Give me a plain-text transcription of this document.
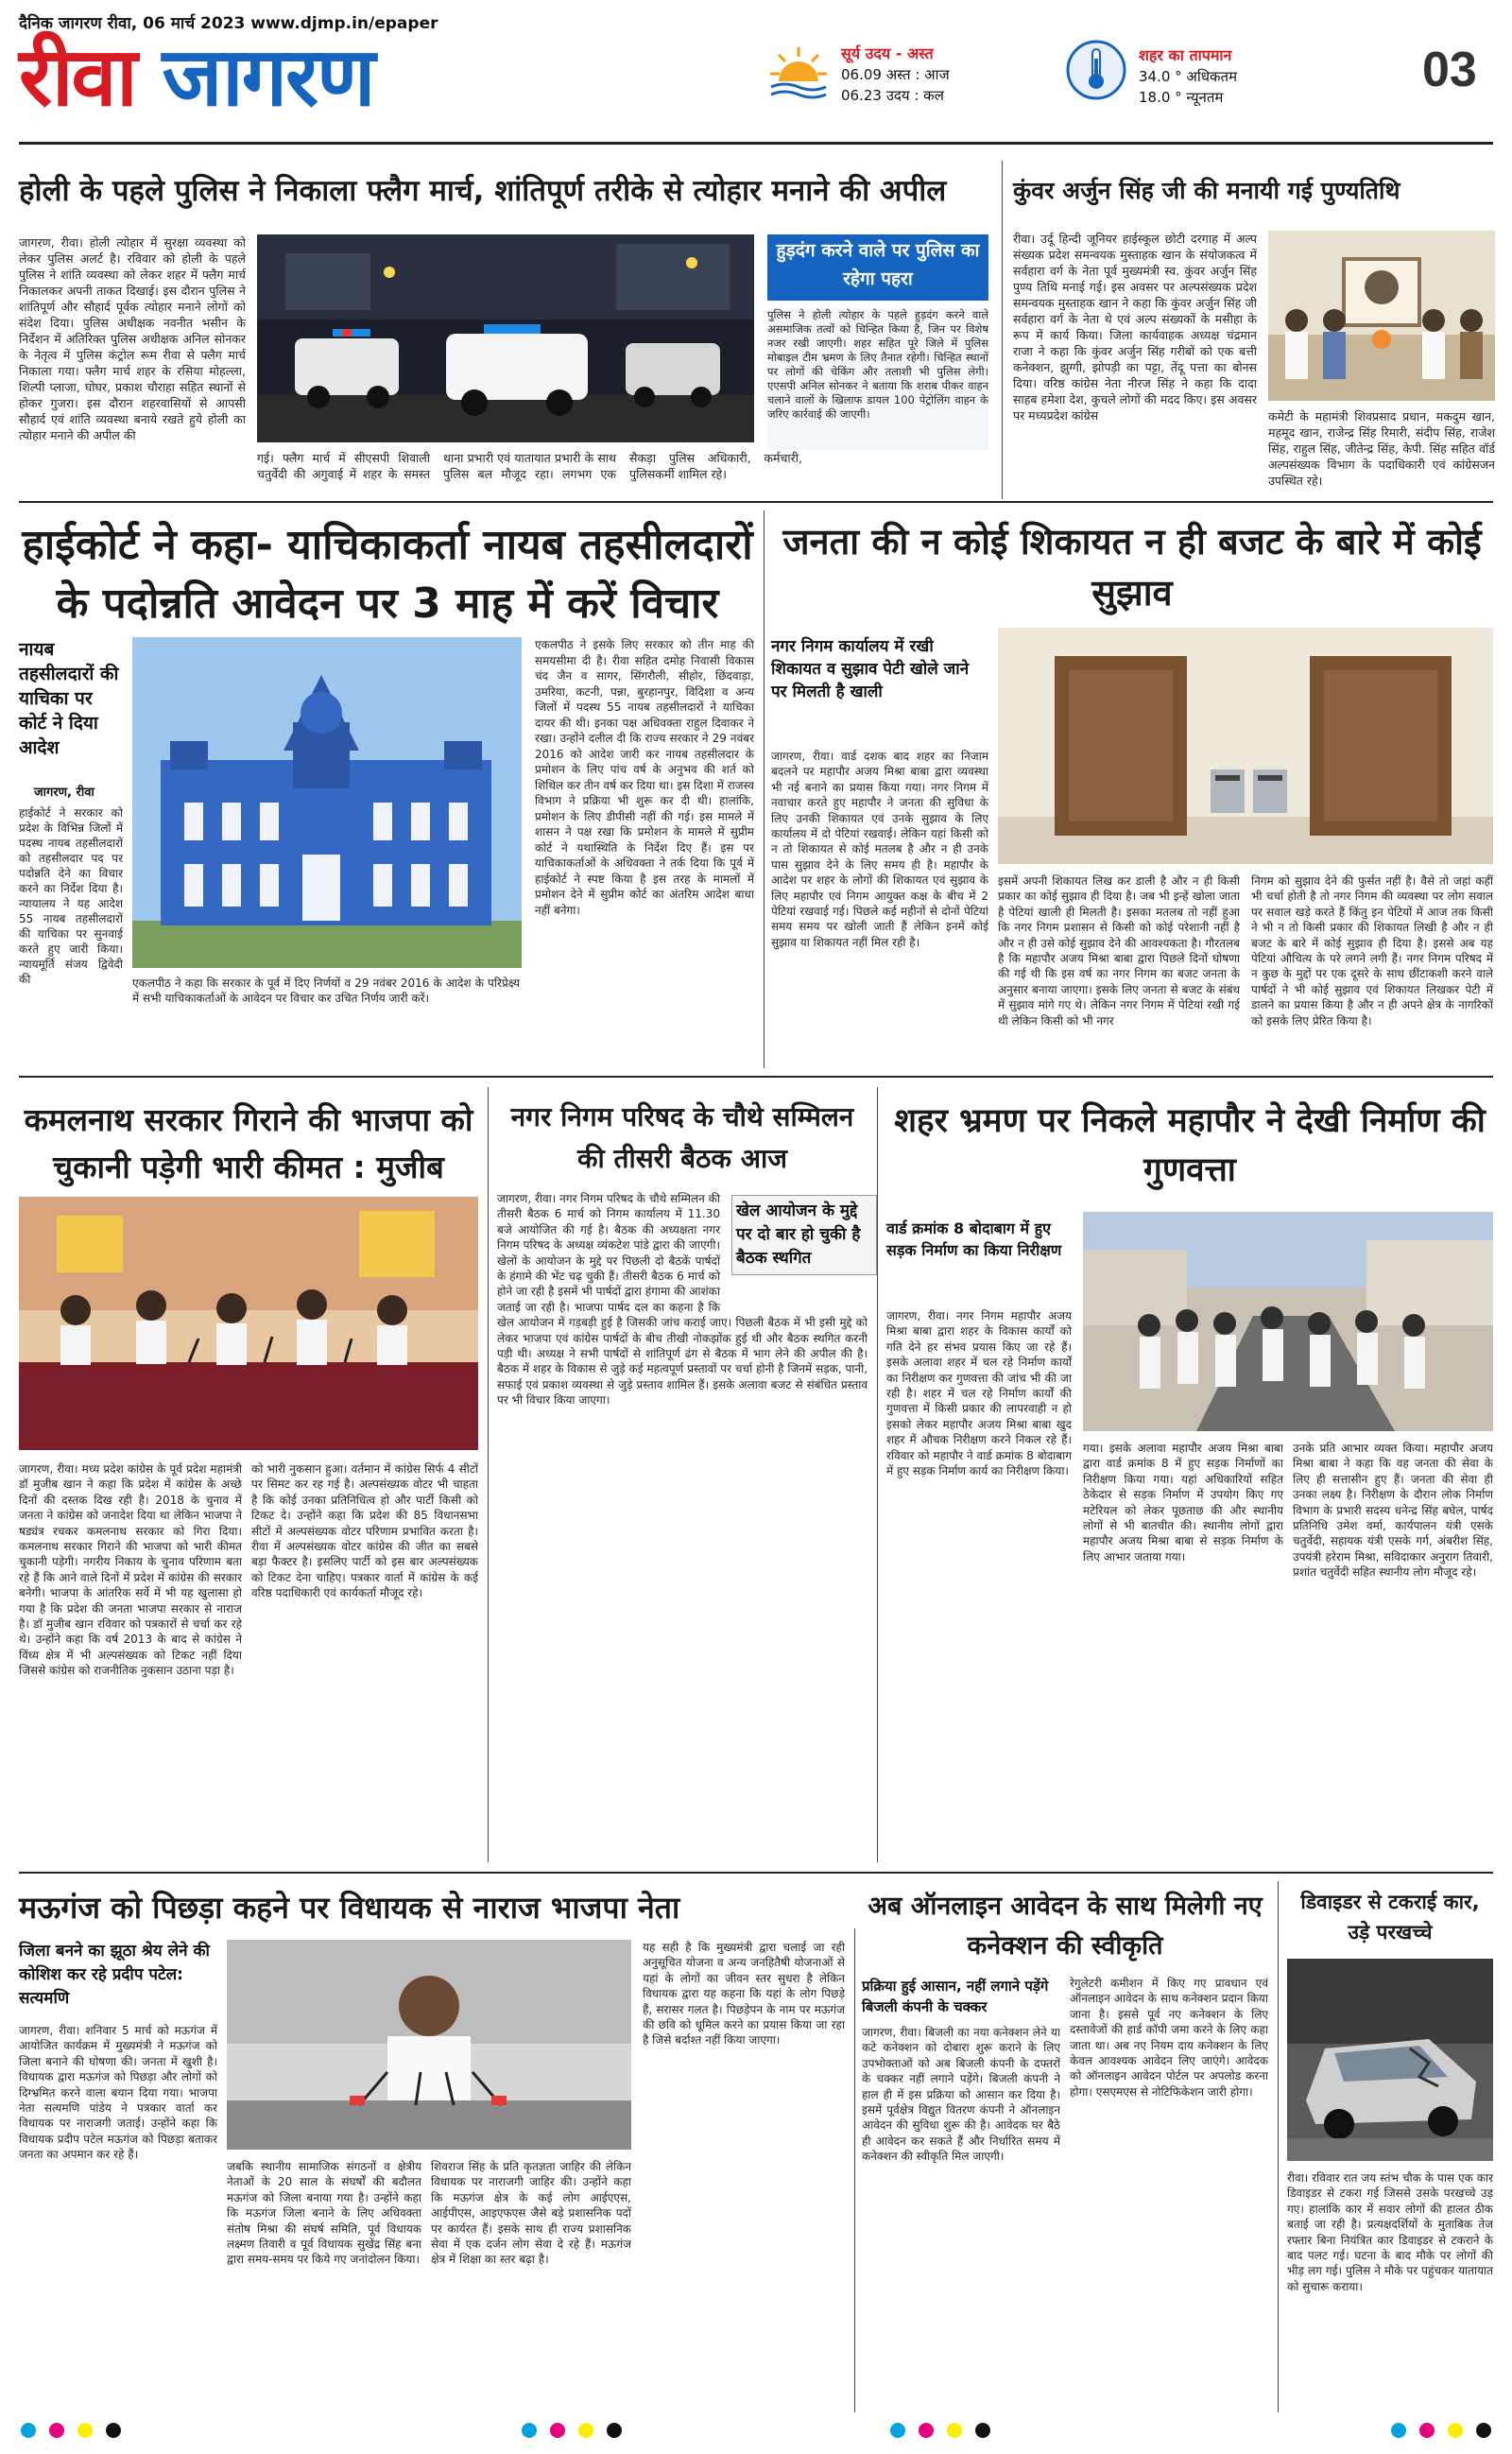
दैनिक जागरण रीवा, 06 मार्च 2023 www.djmp.in/epaper
रीवा जागरण	सूर्य उदय - अस्त
06.09 अस्त : आज
06.23 उदय : कल
शहर का तापमान
34.0 ° अधिकतम
18.0 ° न्यूनतम	03
होली के पहले पुलिस ने निकाला फ्लैग मार्च, शांतिपूर्ण तरीके से त्योहार मनाने की अपील
जागरण, रीवा। होली त्योहार में सुरक्षा व्यवस्था को लेकर पुलिस अलर्ट है। रविवार को होली के पहले पुलिस ने शांति व्यवस्था को लेकर शहर में फ्लैग मार्च निकालकर अपनी ताकत दिखाई। इस दौरान पुलिस ने शांतिपूर्ण और सौहार्द पूर्वक त्योहार मनाने लोगों को संदेश दिया। पुलिस अधीक्षक नवनीत भसीन के निर्देशन में अतिरिक्त पुलिस अधीक्षक अनिल सोनकर के नेतृत्व में पुलिस कंट्रोल रूम रीवा से फ्लैग मार्च निकाला गया। फ्लैग मार्च शहर के रसिया मोहल्ला, शिल्पी प्लाजा, घोघर, प्रकाश चौराहा सहित स्थानों से होकर गुजरा। इस दौरान शहरवासियों से आपसी सौहार्द एवं शांति व्यवस्था बनाये रखते हुये होली का त्योहार मनाने की अपील की
हुड़दंग करने वाले पर पुलिस का रहेगा पहरा
पुलिस ने होली त्योहार के पहले हुड़दंग करने वाले असमाजिक तत्वों को चिन्हित किया है, जिन पर विशेष नजर रखी जाएगी। शहर सहित पूरे जिले में पुलिस मोबाइल टीम भ्रमण के लिए तैनात रहेगी। चिन्हित स्थानों पर लोगों की चेकिंग और तलाशी भी पुलिस लेगी। एएसपी अनिल सोनकर ने बताया कि शराब पीकर वाहन चलाने वालों के खिलाफ डायल 100 पेट्रोलिंग वाहन के जरिए कार्रवाई की जाएगी।
गई। फ्लैग मार्च में सीएसपी शिवाली चतुर्वेदी की अगुवाई में शहर के समस्त थाना प्रभारी एवं यातायात प्रभारी के साथ पुलिस बल मौजूद रहा। लगभग एक सैकड़ा पुलिस अधिकारी, कर्मचारी, पुलिसकर्मी शामिल रहे।
कुंवर अर्जुन सिंह जी की मनायी गई पुण्यतिथि
रीवा। उर्दू हिन्दी जूनियर हाईस्कूल छोटी दरगाह में अल्प संख्यक प्रदेश समन्वयक मुस्ताहक खान के संयोजकत्व में सर्वहारा वर्ग के नेता पूर्व मुख्यमंत्री स्व. कुंवर अर्जुन सिंह पुण्य तिथि मनाई गई। इस अवसर पर अल्पसंख्यक प्रदेश समन्वयक मुस्ताहक खान ने कहा कि कुंवर अर्जुन सिंह जी सर्वहारा वर्ग के नेता थे एवं अल्प संख्यकों के मसीहा के रूप में कार्य किया। जिला कार्यवाहक अध्यक्ष चंद्रमान राजा ने कहा कि कुंवर अर्जुन सिंह गरीबों को एक बत्ती कनेक्शन, झुग्गी, झोपड़ी का पट्टा, तेंदू पत्ता का बोनस दिया। वरिष्ठ कांग्रेस नेता नीरज सिंह ने कहा कि दादा साहब हमेशा देश, कुचले लोगों की मदद किए। इस अवसर पर मध्यप्रदेश कांग्रेस	कमेटी के महामंत्री शिवप्रसाद प्रधान, मकदुम खान, महमूद खान, राजेन्द्र सिंह रिमारी, संदीप सिंह, राजेश सिंह, राहुल सिंह, जीतेन्द्र सिंह, केपी. सिंह सहित वॉर्ड अल्पसंख्यक विभाग के पदाधिकारी एवं कांग्रेसजन उपस्थित रहे।
हाईकोर्ट ने कहा- याचिकाकर्ता नायब तहसीलदारों के पदोन्नति आवेदन पर 3 माह में करें विचार
नायब तहसीलदारों की याचिका पर कोर्ट ने दिया आदेश
जागरण, रीवा
हाईकोर्ट ने सरकार को प्रदेश के विभिन्न जिलों में पदस्थ नायब तहसीलदारों को तहसीलदार पद पर पदोन्नति देने का विचार करने का निर्देश दिया है। न्यायालय ने यह आदेश 55 नायब तहसीलदारों की याचिका पर सुनवाई करते हुए जारी किया। न्यायमूर्ति संजय द्विवेदी की
एकलपीठ ने इसके लिए सरकार को तीन माह की समयसीमा दी है। रीवा सहित दमोह निवासी विकास चंद जैन व सागर, सिंगरौली, सीहोर, छिंदवाड़ा, उमरिया, कटनी, पन्ना, बुरहानपुर, विदिशा व अन्य जिलों में पदस्थ 55 नायब तहसीलदारों ने याचिका दायर की थी। इनका पक्ष अधिवक्ता राहुल दिवाकर ने रखा। उन्होंने दलील दी कि राज्य सरकार ने 29 नवंबर 2016 को आदेश जारी कर नायब तहसीलदार के प्रमोशन के लिए पांच वर्ष के अनुभव की शर्त को शिथिल कर तीन वर्ष कर दिया था। इस दिशा में राजस्व विभाग ने प्रक्रिया भी शुरू कर दी थी। हालांकि, प्रमोशन के लिए डीपीसी नहीं की गई। इस मामले में शासन ने पक्ष रखा कि प्रमोशन के मामले में सुप्रीम कोर्ट ने यथास्थिति के निर्देश दिए हैं। इस पर याचिकाकर्ताओं के अधिवक्ता ने तर्क दिया कि पूर्व में हाईकोर्ट ने स्पष्ट किया है इस तरह के मामलों में प्रमोशन देने में सुप्रीम कोर्ट का अंतरिम आदेश बाधा नहीं बनेगा।
एकलपीठ ने कहा कि सरकार के पूर्व में दिए निर्णयों व 29 नवंबर 2016 के आदेश के परिप्रेक्ष्य में सभी याचिकाकर्ताओं के आवेदन पर विचार कर उचित निर्णय जारी करें।
जनता की न कोई शिकायत न ही बजट के बारे में कोई सुझाव
नगर निगम कार्यालय में रखी शिकायत व सुझाव पेटी खोले जाने पर मिलती है खाली
जागरण, रीवा। वार्ड दशक बाद शहर का निजाम बदलने पर महापौर अजय मिश्रा बाबा द्वारा व्यवस्था भी नई बनाने का प्रयास किया गया। नगर निगम में नवाचार करते हुए महापौर ने जनता की सुविधा के लिए उनकी शिकायत एवं उनके सुझाव के लिए कार्यालय में दो पेटियां रखवाई। लेकिन यहां किसी को न तो शिकायत से कोई मतलब है और न ही उनके पास सुझाव देने के लिए समय ही है। महापौर के आदेश पर शहर के लोगों की शिकायत एवं सुझाव के लिए महापौर एवं निगम आयुक्त कक्ष के बीच में 2 पेटियां रखवाई गई। पिछले कई महीनों से दोनों पेटियां समय समय पर खोली जाती हैं लेकिन इनमें कोई सुझाव या शिकायत नहीं मिल रही है।
इसमें अपनी शिकायत लिख कर डाली है और न ही किसी प्रकार का कोई सुझाव ही दिया है। जब भी इन्हें खोला जाता है पेटियां खाली ही मिलती है। इसका मतलब तो नहीं हुआ कि नगर निगम प्रशासन से किसी को कोई परेशानी नहीं है और न ही उसे कोई सुझाव देने की आवश्यकता है। गौरतलब है कि महापौर अजय मिश्रा बाबा द्वारा पिछले दिनों घोषणा की गई थी कि इस वर्ष का नगर निगम का बजट जनता के अनुसार बनाया जाएगा। इसके लिए जनता से बजट के संबंध में सुझाव मांगे गए थे। लेकिन नगर निगम में पेटियां रखी गई थी लेकिन किसी को भी नगर
निगम को सुझाव देने की फुर्सत नहीं है। वैसे तो जहां कहीं भी चर्चा होती है तो नगर निगम की व्यवस्था पर लोग सवाल पर सवाल खड़े करते हैं किंतु इन पेटियों में आज तक किसी ने भी न तो किसी प्रकार की शिकायत लिखी है और न ही बजट के बारे में कोई सुझाव ही दिया है। इससे अब यह पेटियां औचित्य के परे लगने लगी हैं। नगर निगम परिषद में न कुछ के मुद्दों पर एक दूसरे के साथ छींटाकशी करने वाले पार्षदों ने भी कोई सुझाव एवं शिकायत लिखकर पेटी में डालने का प्रयास किया है और न ही अपने क्षेत्र के नागरिकों को इसके लिए प्रेरित किया है।
कमलनाथ सरकार गिराने की भाजपा को चुकानी पड़ेगी भारी कीमत : मुजीब
जागरण, रीवा। मध्य प्रदेश कांग्रेस के पूर्व प्रदेश महामंत्री डॉ मुजीब खान ने कहा कि प्रदेश में कांग्रेस के अच्छे दिनों की दस्तक दिख रही है। 2018 के चुनाव में जनता ने कांग्रेस को जनादेश दिया था लेकिन भाजपा ने षड्यंत्र रचकर कमलनाथ सरकार को गिरा दिया। कमलनाथ सरकार गिराने की भाजपा को भारी कीमत चुकानी पड़ेगी। नगरीय निकाय के चुनाव परिणाम बता रहे हैं कि आने वाले दिनों में प्रदेश में कांग्रेस की सरकार बनेगी। भाजपा के आंतरिक सर्वे में भी यह खुलासा हो गया है कि प्रदेश की जनता भाजपा सरकार से नाराज है। डॉ मुजीब खान रविवार को पत्रकारों से चर्चा कर रहे थे। उन्होंने कहा कि वर्ष 2013 के बाद से कांग्रेस ने विंध्य क्षेत्र में भी अल्पसंख्यक को टिकट नहीं दिया जिससे कांग्रेस को राजनीतिक नुकसान उठाना पड़ा है।
को भारी नुकसान हुआ। वर्तमान में कांग्रेस सिर्फ 4 सीटों पर सिमट कर रह गई है। अल्पसंख्यक वोटर भी चाहता है कि कोई उनका प्रतिनिधित्व हो और पार्टी किसी को टिकट दे। उन्होंने कहा कि प्रदेश की 85 विधानसभा सीटों में अल्पसंख्यक वोटर परिणाम प्रभावित करता है। रीवा में अल्पसंख्यक वोटर कांग्रेस की जीत का सबसे बड़ा फैक्टर है। इसलिए पार्टी को इस बार अल्पसंख्यक को टिकट देना चाहिए। पत्रकार वार्ता में कांग्रेस के कई वरिष्ठ पदाधिकारी एवं कार्यकर्ता मौजूद रहे।
नगर निगम परिषद के चौथे सम्मिलन की तीसरी बैठक आज
खेल आयोजन के मुद्दे पर दो बार हो चुकी है बैठक स्थगित
जागरण, रीवा। नगर निगम परिषद के चौथे सम्मिलन की तीसरी बैठक 6 मार्च को निगम कार्यालय में 11.30 बजे आयोजित की गई है। बैठक की अध्यक्षता नगर निगम परिषद के अध्यक्ष व्यंकटेश पांडे द्वारा की जाएगी। खेलों के आयोजन के मुद्दे पर पिछली दो बैठकें पार्षदों के हंगामे की भेंट चढ़ चुकी हैं। तीसरी बैठक 6 मार्च को होने जा रही है इसमें भी पार्षदों द्वारा हंगामा की आशंका जताई जा रही है। भाजपा पार्षद दल का कहना है कि खेल आयोजन में गड़बड़ी हुई है जिसकी जांच कराई जाए। पिछली बैठक में भी इसी मुद्दे को लेकर भाजपा एवं कांग्रेस पार्षदों के बीच तीखी नोकझोंक हुई थी और बैठक स्थगित करनी पड़ी थी। अध्यक्ष ने सभी पार्षदों से शांतिपूर्ण ढंग से बैठक में भाग लेने की अपील की है। बैठक में शहर के विकास से जुड़े कई महत्वपूर्ण प्रस्तावों पर चर्चा होनी है जिनमें सड़क, पानी, सफाई एवं प्रकाश व्यवस्था से जुड़े प्रस्ताव शामिल हैं। इसके अलावा बजट से संबंधित प्रस्ताव पर भी विचार किया जाएगा।
शहर भ्रमण पर निकले महापौर ने देखी निर्माण की गुणवत्ता
वार्ड क्रमांक 8 बोदाबाग में हुए सड़क निर्माण का किया निरीक्षण
जागरण, रीवा। नगर निगम महापौर अजय मिश्रा बाबा द्वारा शहर के विकास कार्यों को गति देने हर संभव प्रयास किए जा रहे हैं। इसके अलावा शहर में चल रहे निर्माण कार्यों का निरीक्षण कर गुणवत्ता की जांच भी की जा रही है। शहर में चल रहे निर्माण कार्यों की गुणवत्ता में किसी प्रकार की लापरवाही न हो इसको लेकर महापौर अजय मिश्रा बाबा खुद शहर में औचक निरीक्षण करने निकल रहे हैं। रविवार को महापौर ने वार्ड क्रमांक 8 बोदाबाग में हुए सड़क निर्माण कार्य का निरीक्षण किया।
गया। इसके अलावा महापौर अजय मिश्रा बाबा द्वारा वार्ड क्रमांक 8 में हुए सड़क निर्माणों का निरीक्षण किया गया। यहां अधिकारियों सहित ठेकेदार से सड़क निर्माण में उपयोग किए गए मटेरियल को लेकर पूछताछ की और स्थानीय लोगों से भी बातचीत की। स्थानीय लोगों द्वारा महापौर अजय मिश्रा बाबा से सड़क निर्माण के लिए आभार जताया गया।
उनके प्रति आभार व्यक्त किया। महापौर अजय मिश्रा बाबा ने कहा कि वह जनता की सेवा के लिए ही सत्तासीन हुए हैं। जनता की सेवा ही उनका लक्ष्य है। निरीक्षण के दौरान लोक निर्माण विभाग के प्रभारी सदस्य धनेन्द्र सिंह बघेल, पार्षद प्रतिनिधि उमेश वर्मा, कार्यपालन यंत्री एसके चतुर्वेदी, सहायक यंत्री एसके गर्ग, अंबरीश सिंह, उपयंत्री हरेराम मिश्रा, सविदाकार अनुराग तिवारी, प्रशांत चतुर्वेदी सहित स्थानीय लोग मौजूद रहे।
मऊगंज को पिछड़ा कहने पर विधायक से नाराज भाजपा नेता
जिला बनने का झूठा श्रेय लेने की कोशिश कर रहे प्रदीप पटेल: सत्यमणि
जागरण, रीवा। शनिवार 5 मार्च को मऊगंज में आयोजित कार्यक्रम में मुख्यमंत्री ने मऊगंज को जिला बनाने की घोषणा की। जनता में खुशी है। विधायक द्वारा मऊगंज को पिछड़ा और लोगों को दिग्भ्रमित करने वाला बयान दिया गया। भाजपा नेता सत्यमणि पांडेय ने पत्रकार वार्ता कर विधायक पर नाराजगी जताई। उन्होंने कहा कि विधायक प्रदीप पटेल मऊगंज को पिछड़ा बताकर जनता का अपमान कर रहे हैं।
जबकि स्थानीय सामाजिक संगठनों व क्षेत्रीय नेताओं के 20 साल के संघर्षों की बदौलत मऊगंज को जिला बनाया गया है। उन्होंने कहा कि मऊगंज जिला बनाने के लिए अधिवक्ता संतोष मिश्रा की संघर्ष समिति, पूर्व विधायक लक्ष्मण तिवारी व पूर्व विधायक सुखेंद्र सिंह बना द्वारा समय-समय पर किये गए जनांदोलन किया।
शिवराज सिंह के प्रति कृतज्ञता जाहिर की लेकिन विधायक पर नाराजगी जाहिर की। उन्होंने कहा कि मऊगंज क्षेत्र के कई लोग आईएएस, आईपीएस, आइएफएस जैसे बड़े प्रशासनिक पदों पर कार्यरत हैं। इसके साथ ही राज्य प्रशासनिक सेवा में एक दर्जन लोग सेवा दे रहे हैं। मऊगंज क्षेत्र में शिक्षा का स्तर बढ़ा है।
यह सही है कि मुख्यमंत्री द्वारा चलाई जा रही अनुसूचित योजना व अन्य जनहितैषी योजनाओं से यहां के लोगों का जीवन स्तर सुधरा है लेकिन विधायक द्वारा यह कहना कि यहां के लोग पिछड़े हैं, सरासर गलत है। पिछड़ेपन के नाम पर मऊगंज की छवि को धूमिल करने का प्रयास किया जा रहा है जिसे बर्दाश्त नहीं किया जाएगा।
अब ऑनलाइन आवेदन के साथ मिलेगी नए कनेक्शन की स्वीकृति
प्रक्रिया हुई आसान, नहीं लगाने पड़ेंगे बिजली कंपनी के चक्कर
जागरण, रीवा। बिजली का नया कनेक्शन लेने या कटे कनेक्शन को दोबारा शुरू कराने के लिए उपभोक्ताओं को अब बिजली कंपनी के दफ्तरों के चक्कर नहीं लगाने पड़ेंगे। बिजली कंपनी ने हाल ही में इस प्रक्रिया को आसान कर दिया है। इसमें पूर्वक्षेत्र विद्युत वितरण कंपनी ने ऑनलाइन आवेदन की सुविधा शुरू की है। आवेदक घर बैठे ही आवेदन कर सकते हैं और निर्धारित समय में कनेक्शन की स्वीकृति मिल जाएगी।
रेगुलेटरी कमीशन में किए गए प्रावधान एवं ऑनलाइन आवेदन के साथ कनेक्शन प्रदान किया जाना है। इससे पूर्व नए कनेक्शन के लिए दस्तावेजों की हार्ड कॉपी जमा करने के लिए कहा जाता था। अब नए नियम दाय कनेक्शन के लिए केवल आवश्यक आवेदन लिए जाएंगे। आवेदक को ऑनलाइन आवेदन पोर्टल पर अपलोड करना होगा। एसएमएस से नोटिफिकेशन जारी होगा।
डिवाइडर से टकराई कार, उड़े परखच्चे
रीवा। रविवार रात जय स्तंभ चौक के पास एक कार डिवाइडर से टकरा गई जिससे उसके परखच्चे उड़ गए। हालांकि कार में सवार लोगों की हालत ठीक बताई जा रही है। प्रत्यक्षदर्शियों के मुताबिक तेज रफ्तार बिना नियंत्रित कार डिवाइडर से टकराने के बाद पलट गई। घटना के बाद मौके पर लोगों की भीड़ लग गई। पुलिस ने मौके पर पहुंचकर यातायात को सुचारू कराया।
